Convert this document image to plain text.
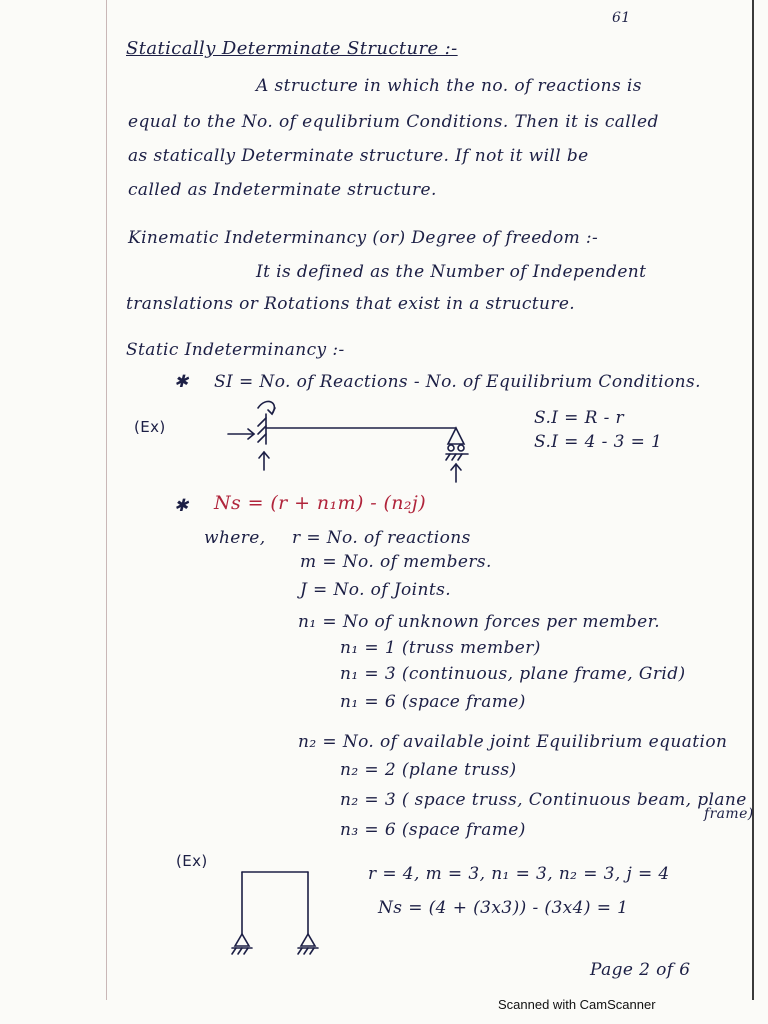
61
Statically Determinate Structure :-
A structure in which the no. of reactions is
equal to the No. of equlibrium Conditions. Then it is called
as statically Determinate structure. If not it will be
called as Indeterminate structure.
Kinematic Indeterminancy (or) Degree of freedom :-
It is defined as the Number of Independent
translations or Rotations that exist in a structure.
Static Indeterminancy :-
✱ SI = No. of Reactions - No. of Equilibrium Conditions.
(Ex)	S.I = R - r
S.I = 4 - 3 = 1
✱ Ns = (r + n₁m) - (n₂j)
where, r = No. of reactions
m = No. of members.
J = No. of Joints.
n₁ = No of unknown forces per member.
n₁ = 1 (truss member)
n₁ = 3 (continuous, plane frame, Grid)
n₁ = 6 (space frame)
n₂ = No. of available joint Equilibrium equation
n₂ = 2 (plane truss)
n₂ = 3 ( space truss, Continuous beam, plane
frame)
n₃ = 6 (space frame)
(Ex)
r = 4, m = 3, n₁ = 3, n₂ = 3, j = 4
Ns = (4 + (3x3)) - (3x4) = 1
Page 2 of 6
Scanned with CamScanner
